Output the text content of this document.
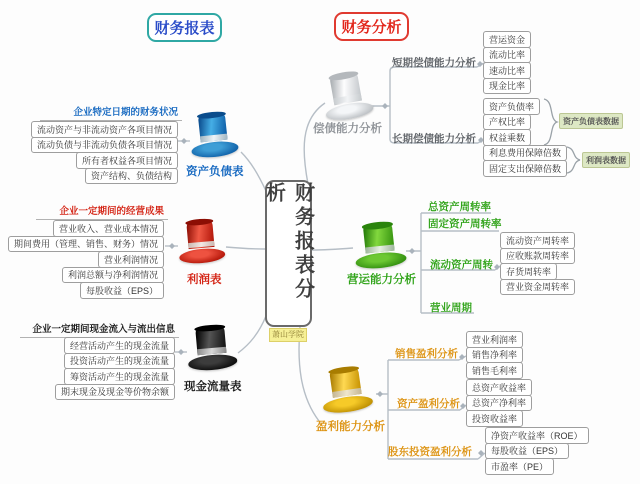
财务报表	财务分析
财务报表分析
萧山学院
企业特定日期的财务状况
流动资产与非流动资产各项目情况
流动负债与非流动负债各项目情况
所有者权益各项目情况
资产结构、负债结构	资产负债表
企业一定期间的经营成果
营业收入、营业成本情况
期间费用（管理、销售、财务）情况
营业利润情况
利润总额与净利润情况
每股收益（EPS）
利润表
企业一定期间现金流入与流出信息
经营活动产生的现金流量
投资活动产生的现金流量
筹资活动产生的现金流量
期末现金及现金等价物余额	现金流量表
偿债能力分析
短期偿债能力分析
营运资金
流动比率
速动比率
现金比率
长期偿债能力分析
资产负债率
产权比率
权益乘数
利息费用保障倍数
固定支出保障倍数
资产负债表数据
利润表数据
营运能力分析
总资产周转率
固定资产周转率
流动资产周转
营业周期
流动资产周转率
应收账款周转率
存货周转率
营业资金周转率
盈利能力分析
销售盈利分析
营业利润率
销售净利率
销售毛利率
资产盈利分析
总资产收益率
总资产净利率
投资收益率
股东投资盈利分析
净资产收益率（ROE）
每股收益（EPS）
市盈率（PE）
